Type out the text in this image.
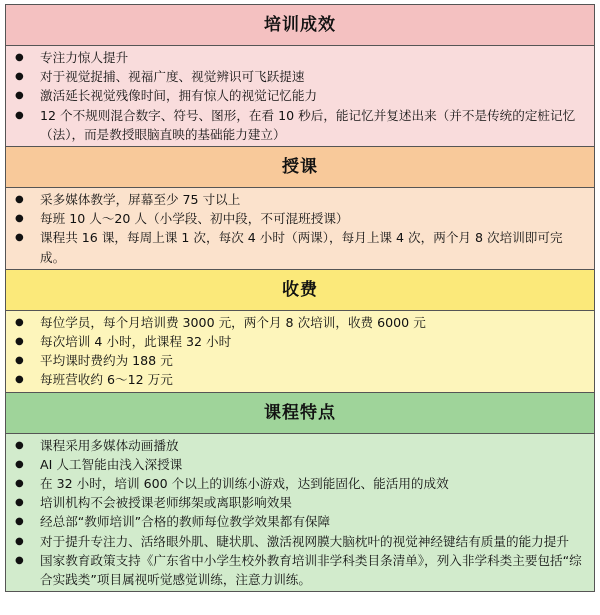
培训成效
● 专注力惊人提升
● 对于视觉捉捕、视福广度、视觉辨识可飞跃提速
● 激活延长视觉残像时间，拥有惊人的视觉记忆能力
● 12 个不规则混合数字、符号、图形，在看 10 秒后，能记忆并复述出来（并不是传统的定桩记忆（法），而是教授眼脑直映的基础能力建立）
授课
● 采多媒体教学，屏幕至少 75 寸以上
● 每班 10 人～20 人（小学段、初中段，不可混班授课）
● 课程共 16 课，每周上课 1 次，每次 4 小时（两课），每月上课 4 次，两个月 8 次培训即可完成。
收费
● 每位学员，每个月培训费 3000 元，两个月 8 次培训，收费 6000 元
● 每次培训 4 小时，此课程 32 小时
● 平均课时费约为 188 元
● 每班营收约 6～12 万元
课程特点
● 课程采用多媒体动画播放
● AI 人工智能由浅入深授课
● 在 32 小时，培训 600 个以上的训练小游戏，达到能固化、能活用的成效
● 培训机构不会被授课老师绑架或离职影响效果
● 经总部“教师培训”合格的教师每位教学效果都有保障
● 对于提升专注力、活络眼外肌、睫状肌、激活视网膜大脑枕叶的视觉神经键结有质量的能力提升
● 国家教育政策支持《广东省中小学生校外教育培训非学科类目条清单》，列入非学科类主要包括“综合实践类”项目属视听觉感觉训练，注意力训练。
